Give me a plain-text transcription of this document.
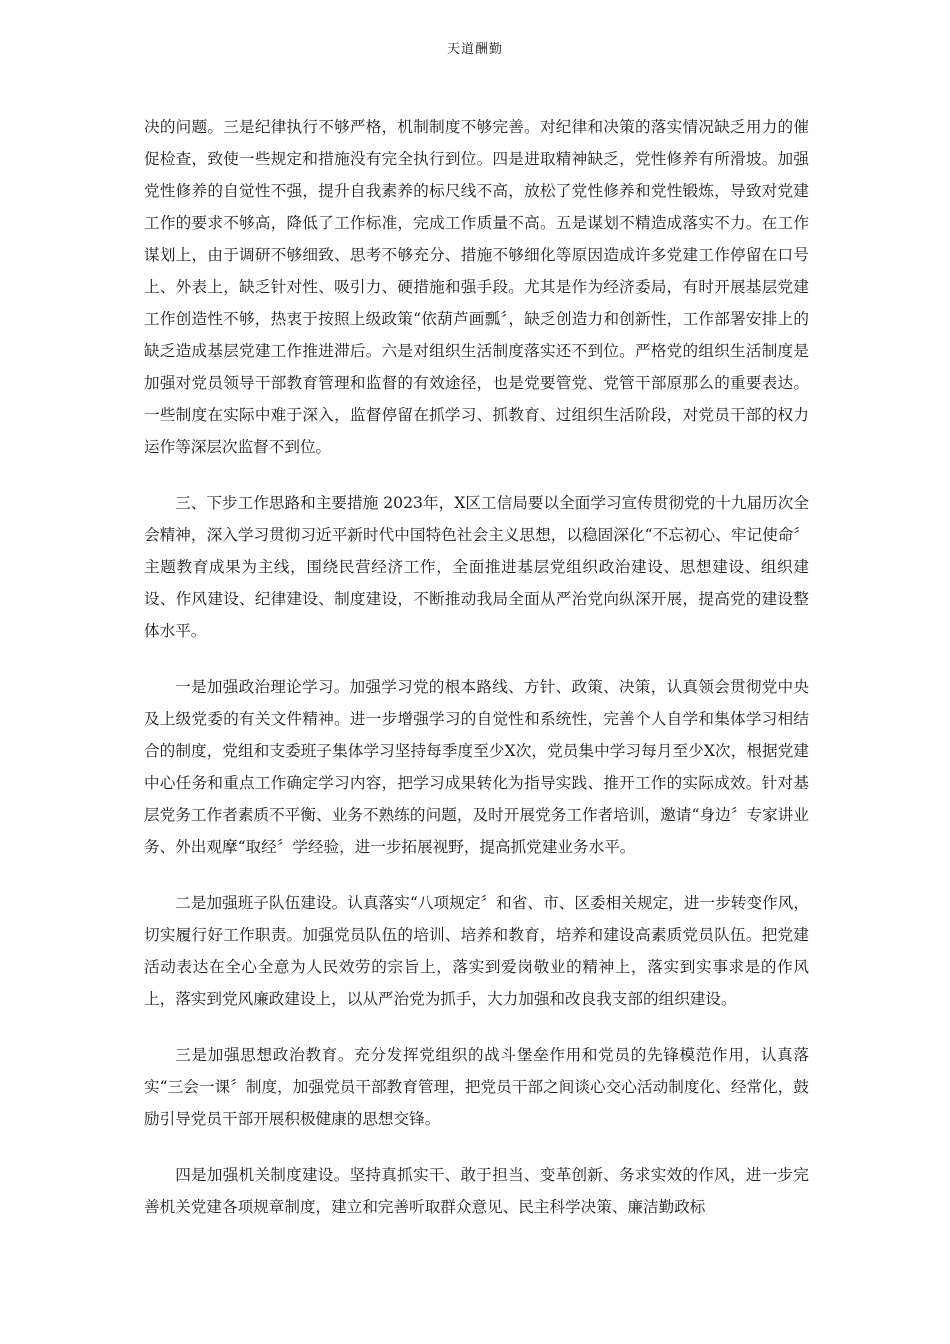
天道酬勤

决的问题。三是纪律执行不够严格，机制制度不够完善。对纪律和决策的落实情况缺乏用力的催促检查，致使一些规定和措施没有完全执行到位。四是进取精神缺乏，党性修养有所滑坡。加强党性修养的自觉性不强，提升自我素养的标尺线不高，放松了党性修养和党性锻炼，导致对党建工作的要求不够高，降低了工作标准，完成工作质量不高。五是谋划不精造成落实不力。在工作谋划上，由于调研不够细致、思考不够充分、措施不够细化等原因造成许多党建工作停留在口号上、外表上，缺乏针对性、吸引力、硬措施和强手段。尤其是作为经济委局，有时开展基层党建工作创造性不够，热衷于按照上级政策“依葫芦画瓢〞，缺乏创造力和创新性，工作部署安排上的缺乏造成基层党建工作推进滞后。六是对组织生活制度落实还不到位。严格党的组织生活制度是加强对党员领导干部教育管理和监督的有效途径，也是党要管党、党管干部原那么的重要表达。一些制度在实际中难于深入，监督停留在抓学习、抓教育、过组织生活阶段，对党员干部的权力运作等深层次监督不到位。

三、下步工作思路和主要措施 2023年，X区工信局要以全面学习宣传贯彻党的十九届历次全会精神，深入学习贯彻习近平新时代中国特色社会主义思想，以稳固深化“不忘初心、牢记使命〞主题教育成果为主线，围绕民营经济工作，全面推进基层党组织政治建设、思想建设、组织建设、作风建设、纪律建设、制度建设，不断推动我局全面从严治党向纵深开展，提高党的建设整体水平。

一是加强政治理论学习。加强学习党的根本路线、方针、政策、决策，认真领会贯彻党中央及上级党委的有关文件精神。进一步增强学习的自觉性和系统性，完善个人自学和集体学习相结合的制度，党组和支委班子集体学习坚持每季度至少X次，党员集中学习每月至少X次，根据党建中心任务和重点工作确定学习内容，把学习成果转化为指导实践、推开工作的实际成效。针对基层党务工作者素质不平衡、业务不熟练的问题，及时开展党务工作者培训，邀请“身边〞专家讲业务、外出观摩“取经〞学经验，进一步拓展视野，提高抓党建业务水平。

二是加强班子队伍建设。认真落实“八项规定〞和省、市、区委相关规定，进一步转变作风，切实履行好工作职责。加强党员队伍的培训、培养和教育，培养和建设高素质党员队伍。把党建活动表达在全心全意为人民效劳的宗旨上，落实到爱岗敬业的精神上，落实到实事求是的作风上，落实到党风廉政建设上，以从严治党为抓手，大力加强和改良我支部的组织建设。

三是加强思想政治教育。充分发挥党组织的战斗堡垒作用和党员的先锋模范作用，认真落实“三会一课〞制度，加强党员干部教育管理，把党员干部之间谈心交心活动制度化、经常化，鼓励引导党员干部开展积极健康的思想交锋。

四是加强机关制度建设。坚持真抓实干、敢于担当、变革创新、务求实效的作风，进一步完善机关党建各项规章制度，建立和完善听取群众意见、民主科学决策、廉洁勤政标
